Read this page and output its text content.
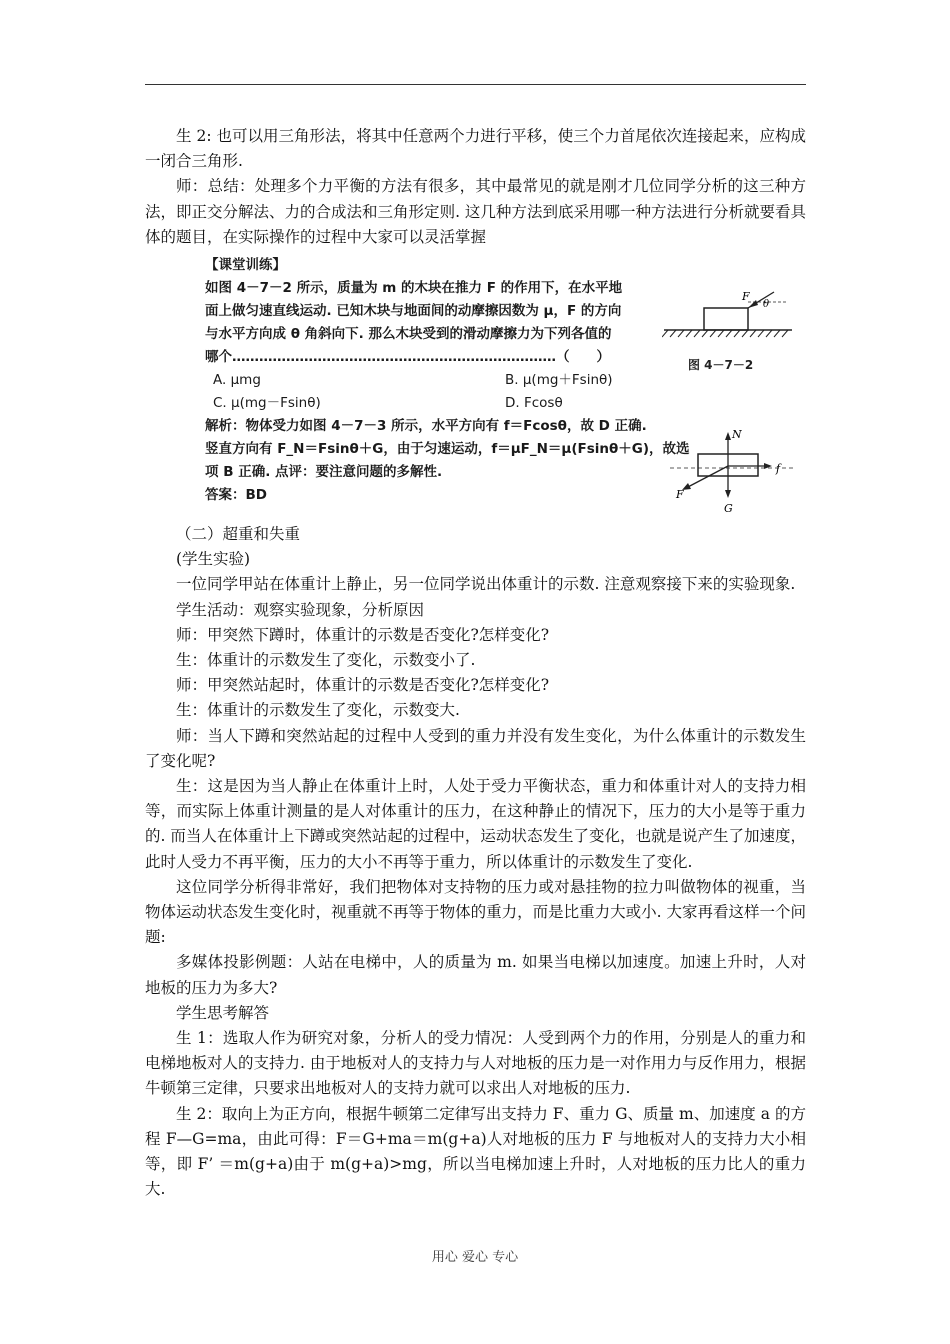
生 2: 也可以用三角形法，将其中任意两个力进行平移，使三个力首尾依次连接起来，应构成一闭合三角形.

师：总结：处理多个力平衡的方法有很多，其中最常见的就是刚才几位同学分析的这三种方法，即正交分解法、力的合成法和三角形定则. 这几种方法到底采用哪一种方法进行分析就要看具体的题目，在实际操作的过程中大家可以灵活掌握

【课堂训练】
如图 4－7－2 所示，质量为 m 的木块在推力 F 的作用下，在水平地
面上做匀速直线运动. 已知木块与地面间的动摩擦因数为 μ，F 的方向
与水平方向成 θ 角斜向下. 那么木块受到的滑动摩擦力为下列各值的
哪个………………………………………………………………（　　）
A. μmg	B. μ(mg＋Fsinθ)
C. μ(mg－Fsinθ)	D. Fcosθ
解析：物体受力如图 4－7－3 所示，水平方向有 f＝Fcosθ，故 D 正确.
竖直方向有 F_N＝Fsinθ＋G，由于匀速运动，f＝μF_N＝μ(Fsinθ＋G)，故选
项 B 正确. 点评：要注意问题的多解性.
答案：BD
F
θ
图 4－7－2
N
f
F
G

（二）超重和失重

(学生实验)

一位同学甲站在体重计上静止，另一位同学说出体重计的示数. 注意观察接下来的实验现象.

学生活动：观察实验现象，分析原因

师：甲突然下蹲时，体重计的示数是否变化?怎样变化?

生：体重计的示数发生了变化，示数变小了.

师：甲突然站起时，体重计的示数是否变化?怎样变化?

生：体重计的示数发生了变化，示数变大.

师：当人下蹲和突然站起的过程中人受到的重力并没有发生变化，为什么体重计的示数发生了变化呢?

生：这是因为当人静止在体重计上时，人处于受力平衡状态，重力和体重计对人的支持力相等，而实际上体重计测量的是人对体重计的压力，在这种静止的情况下，压力的大小是等于重力的. 而当人在体重计上下蹲或突然站起的过程中，运动状态发生了变化，也就是说产生了加速度，此时人受力不再平衡，压力的大小不再等于重力，所以体重计的示数发生了变化.

这位同学分析得非常好，我们把物体对支持物的压力或对悬挂物的拉力叫做物体的视重，当物体运动状态发生变化时，视重就不再等于物体的重力，而是比重力大或小. 大家再看这样一个问题:

多媒体投影例题：人站在电梯中，人的质量为 m. 如果当电梯以加速度。加速上升时，人对地板的压力为多大?

学生思考解答

生 1：选取人作为研究对象，分析人的受力情况：人受到两个力的作用，分别是人的重力和电梯地板对人的支持力. 由于地板对人的支持力与人对地板的压力是一对作用力与反作用力，根据牛顿第三定律，只要求出地板对人的支持力就可以求出人对地板的压力.

生 2：取向上为正方向，根据牛顿第二定律写出支持力 F、重力 G、质量 m、加速度 a 的方程 F—G=ma，由此可得：F＝G+ma＝m(g+a)人对地板的压力 F 与地板对人的支持力大小相等，即 F’ ＝m(g+a)由于 m(g+a)>mg，所以当电梯加速上升时，人对地板的压力比人的重力大.

用心 爱心 专心
